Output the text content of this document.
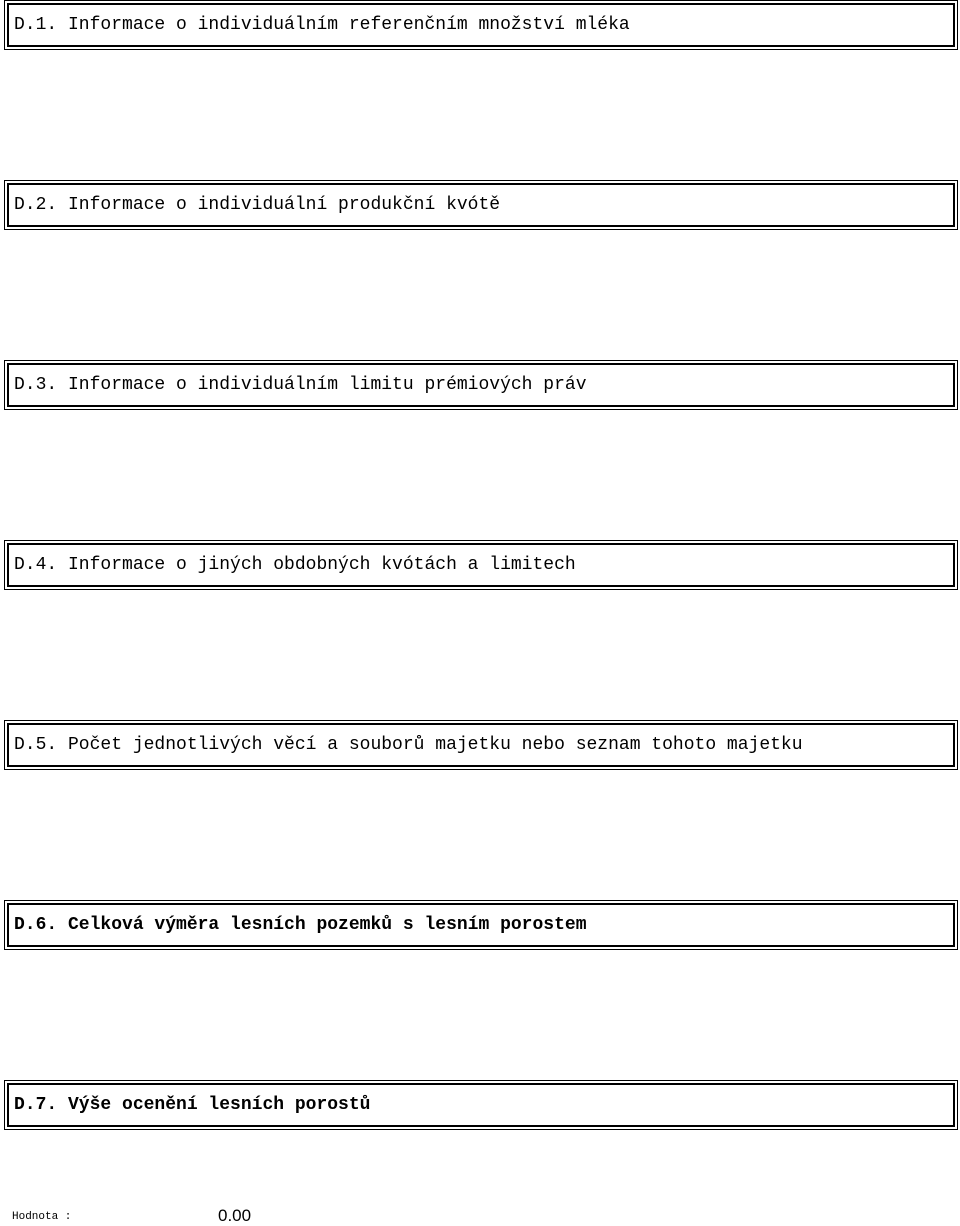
D.1. Informace o individuálním referenčním množství mléka
D.2. Informace o individuální produkční kvótě
D.3. Informace o individuálním limitu prémiových práv
D.4. Informace o jiných obdobných kvótách a limitech
D.5. Počet jednotlivých věcí a souborů majetku nebo seznam tohoto majetku
D.6. Celková výměra lesních pozemků s lesním porostem
D.7. Výše ocenění lesních porostů
Hodnota :	0.00
